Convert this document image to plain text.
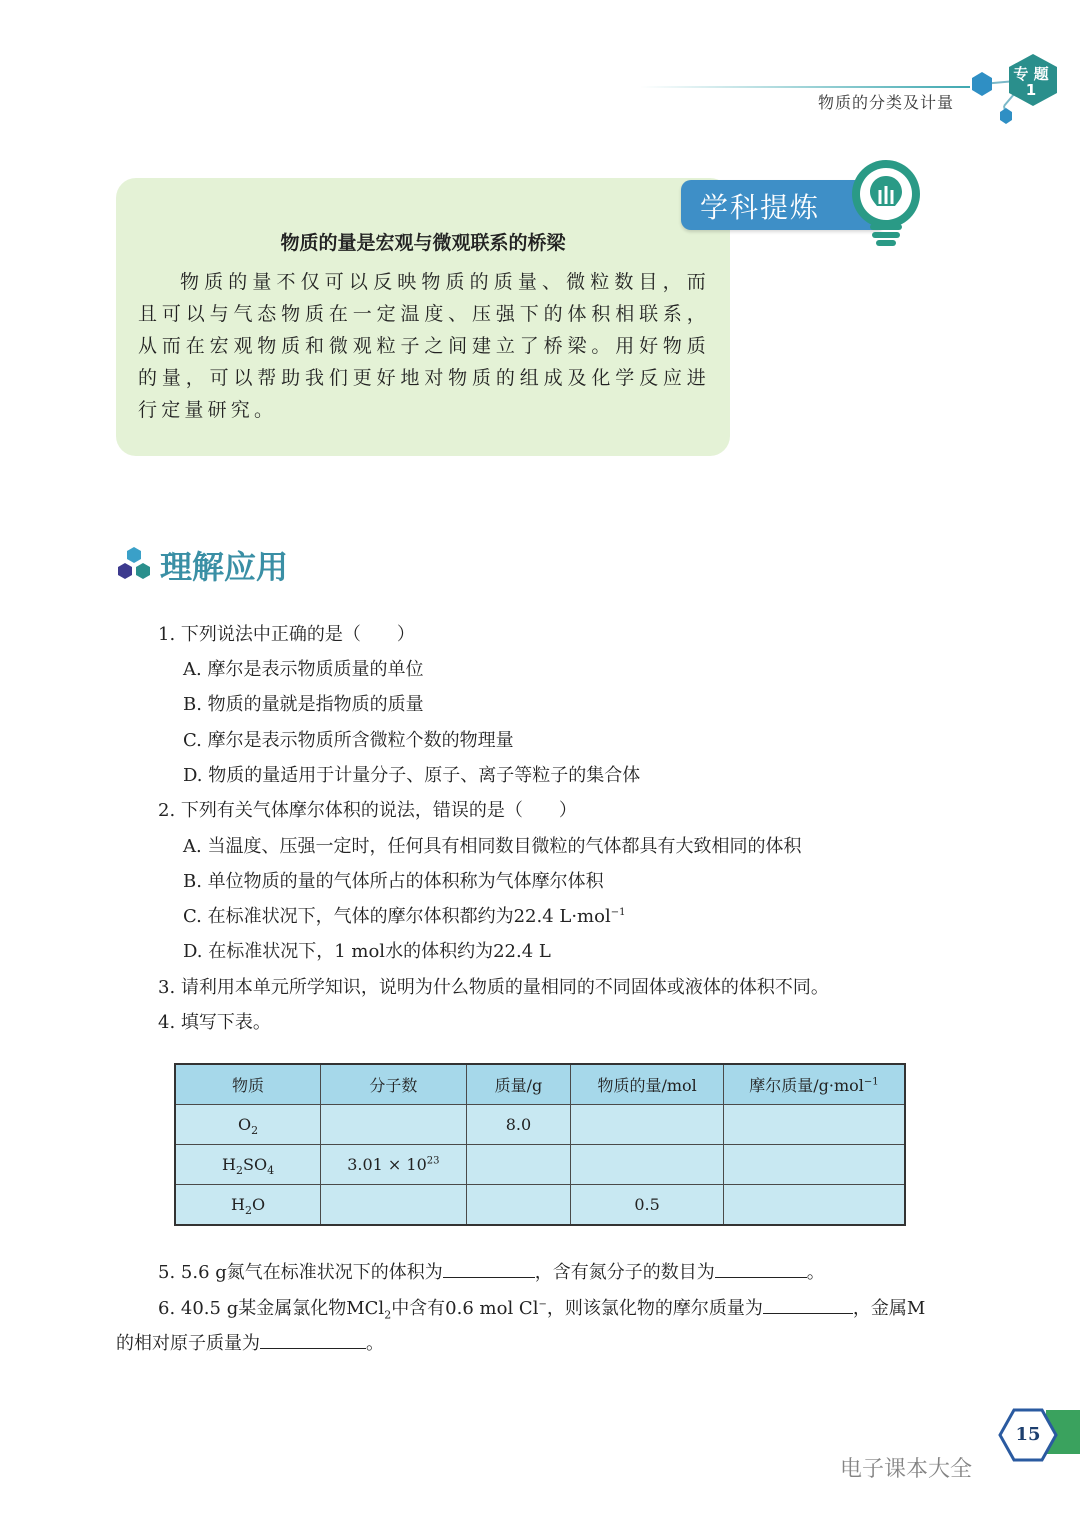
物质的分类及计量
专 题
1
学科提炼
物质的量是宏观与微观联系的桥梁

物质的量不仅可以反映物质的质量、微粒数目，而且可以与气态物质在一定温度、压强下的体积相联系，从而在宏观物质和微观粒子之间建立了桥梁。用好物质的量，可以帮助我们更好地对物质的组成及化学反应进行定量研究。

理解应用
1. 下列说法中正确的是（　　）
A. 摩尔是表示物质质量的单位
B. 物质的量就是指物质的质量
C. 摩尔是表示物质所含微粒个数的物理量
D. 物质的量适用于计量分子、原子、离子等粒子的集合体
2. 下列有关气体摩尔体积的说法，错误的是（　　）
A. 当温度、压强一定时，任何具有相同数目微粒的气体都具有大致相同的体积
B. 单位物质的量的气体所占的体积称为气体摩尔体积
C. 在标准状况下，气体的摩尔体积都约为22.4 L·mol$^{-1}$
D. 在标准状况下，1 mol水的体积约为22.4 L
3. 请利用本单元所学知识，说明为什么物质的量相同的不同固体或液体的体积不同。
4. 填写下表。
物质	分子数	质量/g	物质的量/mol	摩尔质量/g·mol$^{-1}$
$O_2$		8.0		
$H_2SO_4$	$3.01 \times 10^{23}$			
$H_2O$			0.5	
5. 5.6 g氮气在标准状况下的体积为	，含有氮分子的数目为	。
6. 40.5 g某金属氯化物MCl$_2$中含有0.6 mol Cl−，则该氯化物的摩尔质量为	，金属M
的相对原子质量为	。
15
电子课本大全
